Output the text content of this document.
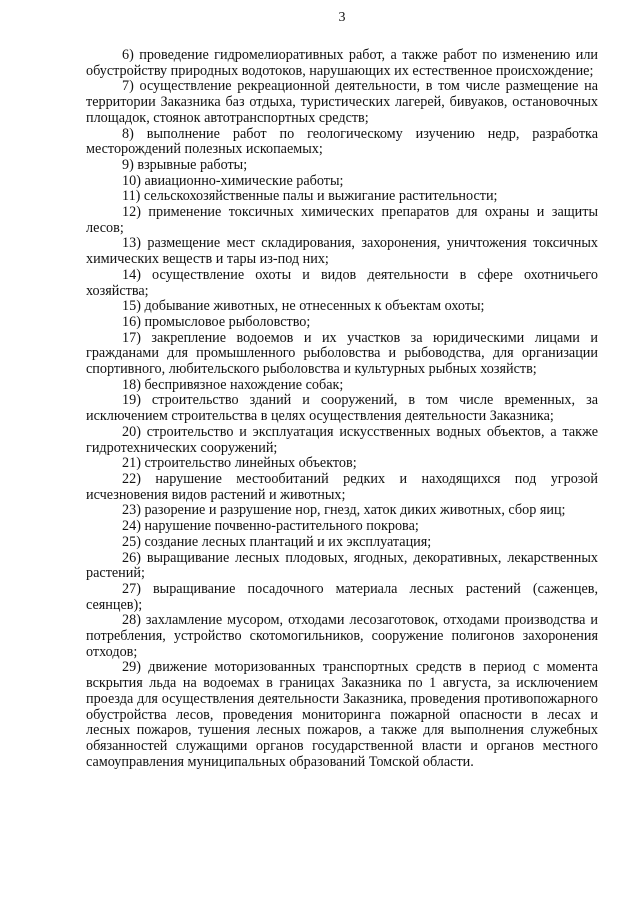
3

6) проведение гидромелиоративных работ, а также работ по изменению или обустройству природных водотоков, нарушающих их естественное происхождение;

7) осуществление рекреационной деятельности, в том числе размещение на территории Заказника баз отдыха, туристических лагерей, бивуаков, остановочных площадок, стоянок автотранспортных средств;

8) выполнение работ по геологическому изучению недр, разработка месторождений полезных ископаемых;

9) взрывные работы;

10) авиационно-химические работы;

11) сельскохозяйственные палы и выжигание растительности;

12) применение токсичных химических препаратов для охраны и защиты лесов;

13) размещение мест складирования, захоронения, уничтожения токсичных химических веществ и тары из-под них;

14) осуществление охоты и видов деятельности в сфере охотничьего хозяйства;

15) добывание животных, не отнесенных к объектам охоты;

16) промысловое рыболовство;

17) закрепление водоемов и их участков за юридическими лицами и гражданами для промышленного рыболовства и рыбоводства, для организации спортивного, любительского рыболовства и культурных рыбных хозяйств;

18) беспривязное нахождение собак;

19) строительство зданий и сооружений, в том числе временных, за исключением строительства в целях осуществления деятельности Заказника;

20) строительство и эксплуатация искусственных водных объектов, а также гидротехнических сооружений;

21) строительство линейных объектов;

22) нарушение местообитаний редких и находящихся под угрозой исчезновения видов растений и животных;

23) разорение и разрушение нор, гнезд, хаток диких животных, сбор яиц;

24) нарушение почвенно-растительного покрова;

25) создание лесных плантаций и их эксплуатация;

26) выращивание лесных плодовых, ягодных, декоративных, лекарственных растений;

27) выращивание посадочного материала лесных растений (саженцев, сеянцев);

28) захламление мусором, отходами лесозаготовок, отходами производства и потребления, устройство скотомогильников, сооружение полигонов захоронения отходов;

29) движение моторизованных транспортных средств в период с момента вскрытия льда на водоемах в границах Заказника по 1 августа, за исключением проезда для осуществления деятельности Заказника, проведения противопожарного обустройства лесов, проведения мониторинга пожарной опасности в лесах и лесных пожаров, тушения лесных пожаров, а также для выполнения служебных обязанностей служащими органов государственной власти и органов местного самоуправления муниципальных образований Томской области.
